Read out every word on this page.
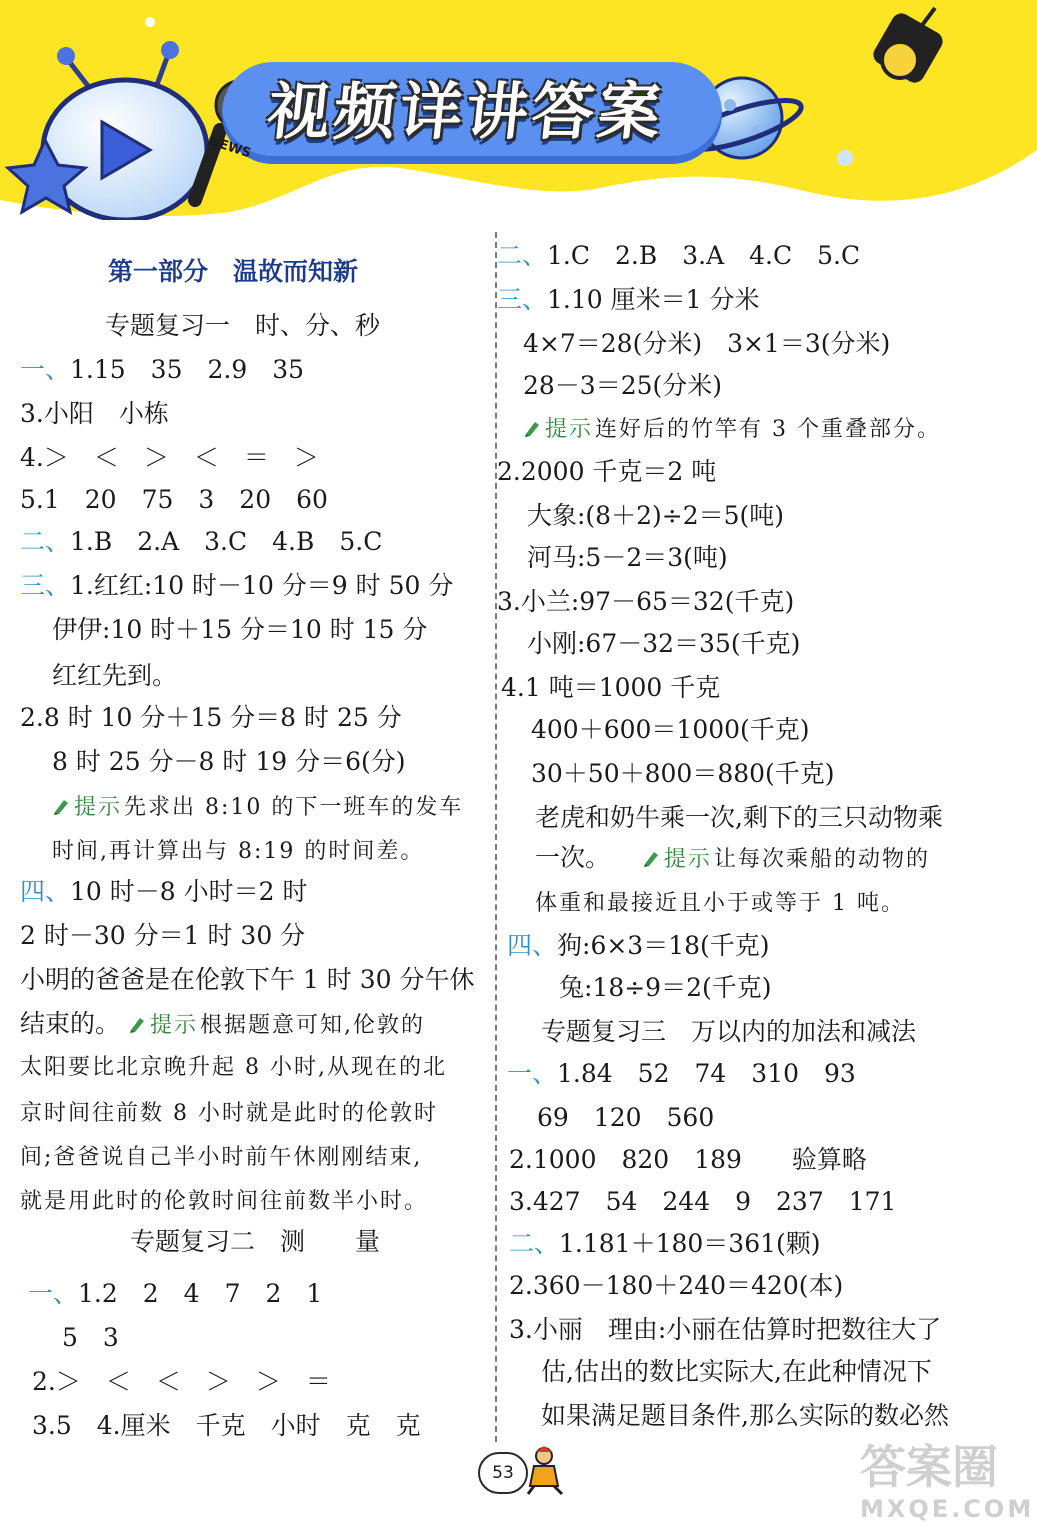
视频详讲答案
NEWS
第一部分　温故而知新
专题复习一　时、分、秒
一、1.15　35　2.9　35
3.小阳　小栋
4.＞　＜　＞　＜　＝　＞
5.1　20　75　3　20　60
二、1.B　2.A　3.C　4.B　5.C
三、1.红红:10 时－10 分＝9 时 50 分
伊伊:10 时＋15 分＝10 时 15 分
红红先到。
2.8 时 10 分＋15 分＝8 时 25 分
8 时 25 分－8 时 19 分＝6(分)
提示先求出 8:10 的下一班车的发车
时间,再计算出与 8:19 的时间差。
四、10 时－8 小时＝2 时
2 时－30 分＝1 时 30 分
小明的爸爸是在伦敦下午 1 时 30 分午休
结束的。 提示根据题意可知,伦敦的
太阳要比北京晚升起 8 小时,从现在的北
京时间往前数 8 小时就是此时的伦敦时
间;爸爸说自己半小时前午休刚刚结束,
就是用此时的伦敦时间往前数半小时。
专题复习二　测　　量
一、1.2　2　4　7　2　1
5　3
2.＞　＜　＜　＞　＞　＝
3.5　4.厘米　千克　小时　克　克
二、1.C　2.B　3.A　4.C　5.C
三、1.10 厘米＝1 分米
4×7＝28(分米)　3×1＝3(分米)
28－3＝25(分米)
提示连好后的竹竿有 3 个重叠部分。
2.2000 千克＝2 吨
大象:(8＋2)÷2＝5(吨)
河马:5－2＝3(吨)
3.小兰:97－65＝32(千克)
小刚:67－32＝35(千克)
4.1 吨＝1000 千克
400＋600＝1000(千克)
30＋50＋800＝880(千克)
老虎和奶牛乘一次,剩下的三只动物乘
一次。 提示让每次乘船的动物的
体重和最接近且小于或等于 1 吨。
四、狗:6×3＝18(千克)
兔:18÷9＝2(千克)
专题复习三　万以内的加法和减法
一、1.84　52　74　310　93
69　120　560
2.1000　820　189　　验算略
3.427　54　244　9　237　171
二、1.181＋180＝361(颗)
2.360－180＋240＝420(本)
3.小丽　理由:小丽在估算时把数往大了
估,估出的数比实际大,在此种情况下
如果满足题目条件,那么实际的数必然
53	答案圈
MXQE.COM
